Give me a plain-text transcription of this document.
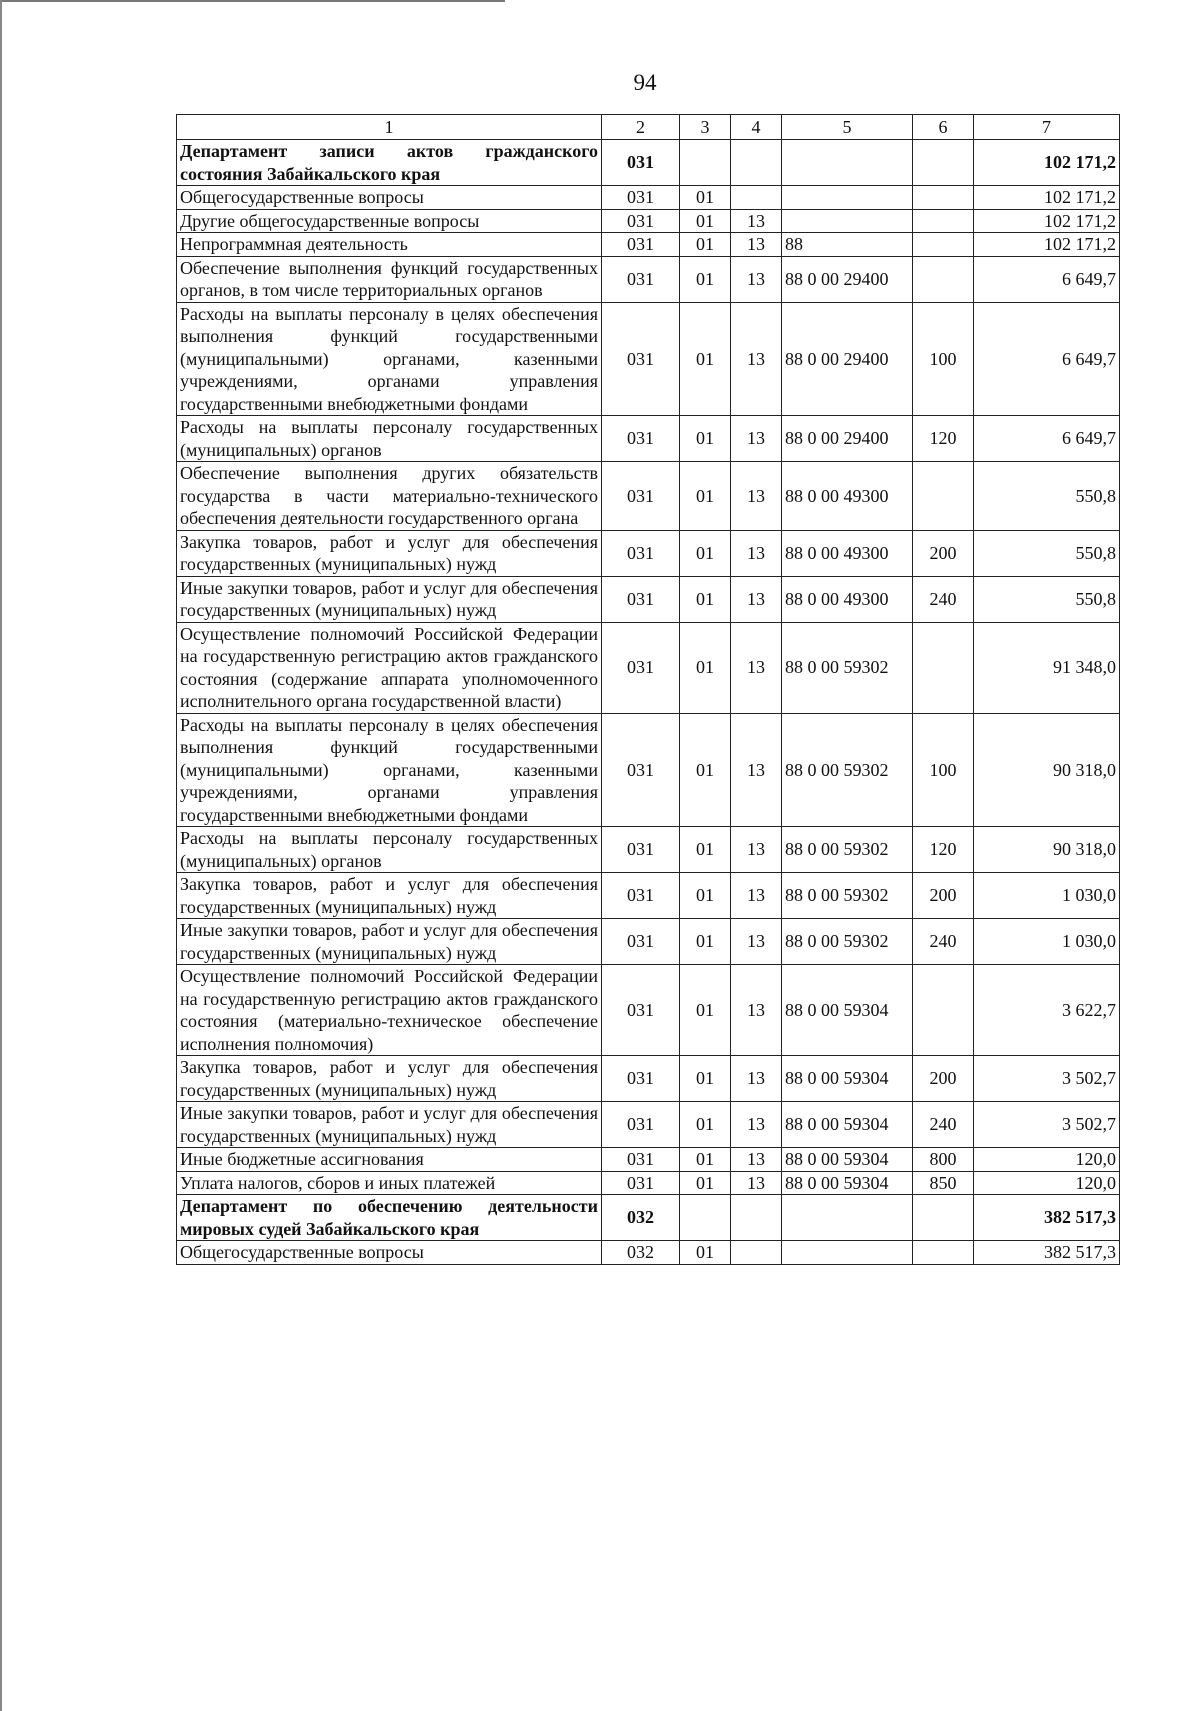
94
1	2	3	4	5	6	7
Департамент записи актов гражданского состояния Забайкальского края	031					102 171,2
Общегосударственные вопросы	031	01				102 171,2
Другие общегосударственные вопросы	031	01	13			102 171,2
Непрограммная деятельность	031	01	13	88		102 171,2
Обеспечение выполнения функций государственных органов, в том числе территориальных органов	031	01	13	88 0 00 29400		6 649,7
Расходы на выплаты персоналу в целях обеспечения выполнения функций государственными (муниципальными) органами, казенными учреждениями, органами управления государственными внебюджетными фондами	031	01	13	88 0 00 29400	100	6 649,7
Расходы на выплаты персоналу государственных (муниципальных) органов	031	01	13	88 0 00 29400	120	6 649,7
Обеспечение выполнения других обязательств государства в части материально-технического обеспечения деятельности государственного органа	031	01	13	88 0 00 49300		550,8
Закупка товаров, работ и услуг для обеспечения государственных (муниципальных) нужд	031	01	13	88 0 00 49300	200	550,8
Иные закупки товаров, работ и услуг для обеспечения государственных (муниципальных) нужд	031	01	13	88 0 00 49300	240	550,8
Осуществление полномочий Российской Федерации на государственную регистрацию актов гражданского состояния (содержание аппарата уполномоченного исполнительного органа государственной власти)	031	01	13	88 0 00 59302		91 348,0
Расходы на выплаты персоналу в целях обеспечения выполнения функций государственными (муниципальными) органами, казенными учреждениями, органами управления государственными внебюджетными фондами	031	01	13	88 0 00 59302	100	90 318,0
Расходы на выплаты персоналу государственных (муниципальных) органов	031	01	13	88 0 00 59302	120	90 318,0
Закупка товаров, работ и услуг для обеспечения государственных (муниципальных) нужд	031	01	13	88 0 00 59302	200	1 030,0
Иные закупки товаров, работ и услуг для обеспечения государственных (муниципальных) нужд	031	01	13	88 0 00 59302	240	1 030,0
Осуществление полномочий Российской Федерации на государственную регистрацию актов гражданского состояния (материально-техническое обеспечение исполнения полномочия)	031	01	13	88 0 00 59304		3 622,7
Закупка товаров, работ и услуг для обеспечения государственных (муниципальных) нужд	031	01	13	88 0 00 59304	200	3 502,7
Иные закупки товаров, работ и услуг для обеспечения государственных (муниципальных) нужд	031	01	13	88 0 00 59304	240	3 502,7
Иные бюджетные ассигнования	031	01	13	88 0 00 59304	800	120,0
Уплата налогов, сборов и иных платежей	031	01	13	88 0 00 59304	850	120,0
Департамент по обеспечению деятельности мировых судей Забайкальского края	032					382 517,3
Общегосударственные вопросы	032	01				382 517,3
